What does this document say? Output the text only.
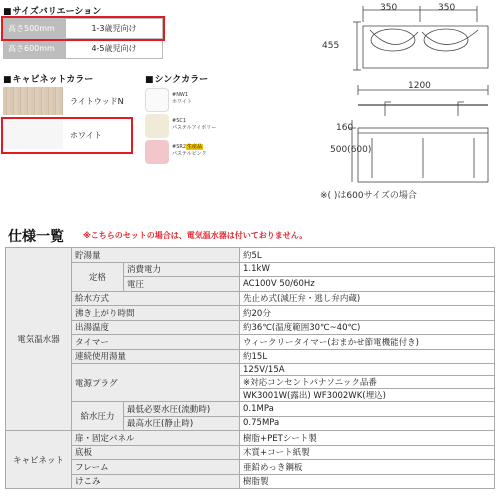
■ サイズバリエーション
高さ500mm	1-3歳児向け
高さ600mm	4-5歳児向け
■ キャビネットカラー
ライトウッドN
ホワイト
■ シンクカラー
#NW1
ホワイト
#SC1
パステルアイボリー
#SR2生産品
パステルピンク
350	350
455
1200
160
500(600)
※( )は600サイズの場合
仕様一覧 ※こちらのセットの場合は、電気温水器は付いておりません。
電気温水器	貯湯量		約5L
	定格	消費電力	1.1kW
		電圧	AC100V 50/60Hz
	給水方式		先止め式(減圧弁・逃し弁内蔵)
	沸き上がり時間		約20分
	出湯温度		約36℃(温度範囲30℃~40℃)
	タイマー		ウィークリータイマー(おまかせ節電機能付き)
	連続使用湯量		約15L
	電源プラグ		125V/15A
			※対応コンセントパナソニック品番
			WK3001W(露出) WF3002WK(埋込)
	給水圧力	最低必要水圧(流動時)	0.1MPa
		最高水圧(静止時)	0.75MPa
キャビネット	扉・固定パネル		樹脂+PETシート製
	底板		木質+コート紙製
	フレーム		亜鉛めっき鋼板
	けこみ		樹脂製
